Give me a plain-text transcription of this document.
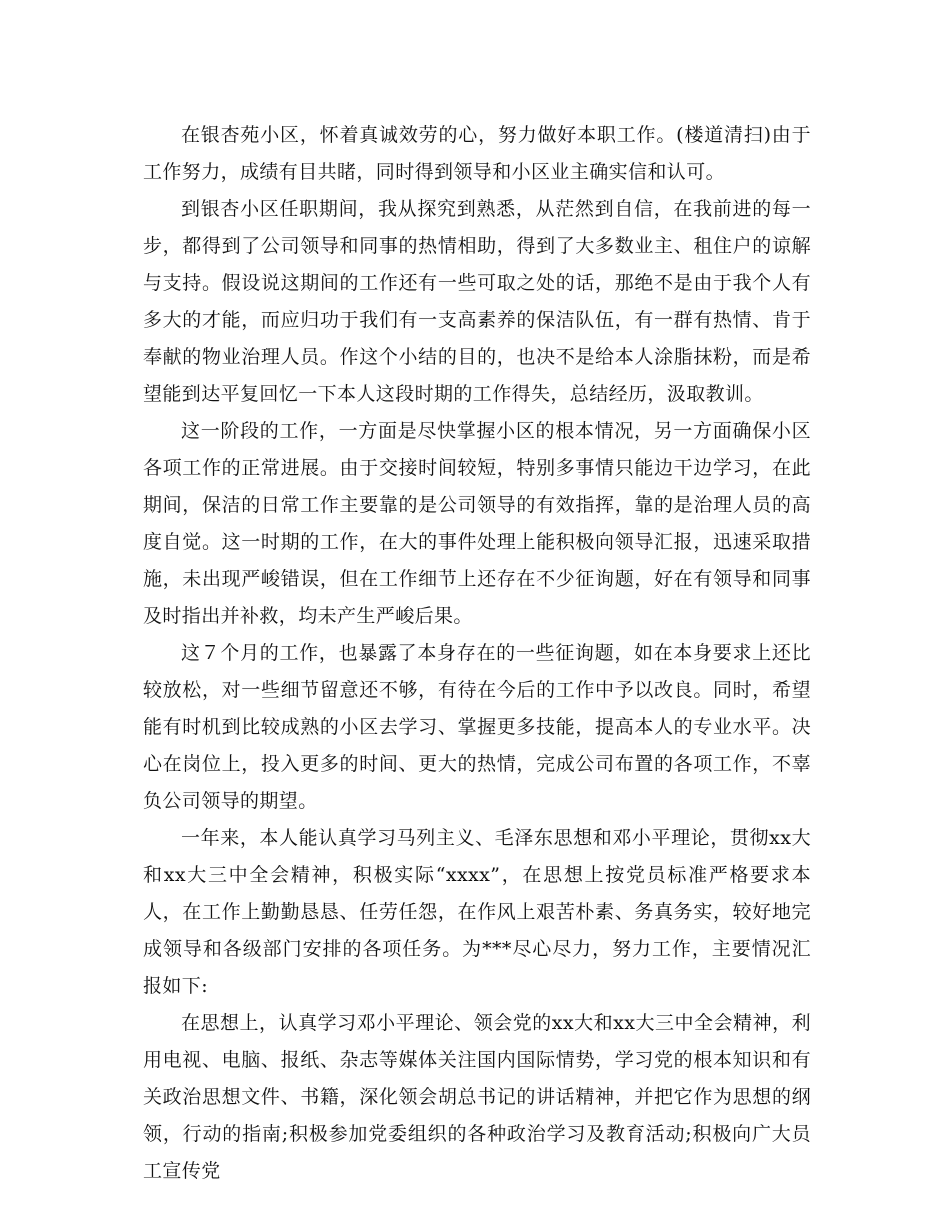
在银杏苑小区，怀着真诚效劳的心，努力做好本职工作。(楼道清扫)由于工作努力，成绩有目共睹，同时得到领导和小区业主确实信和认可。

到银杏小区任职期间，我从探究到熟悉，从茫然到自信，在我前进的每一步，都得到了公司领导和同事的热情相助，得到了大多数业主、租住户的谅解与支持。假设说这期间的工作还有一些可取之处的话，那绝不是由于我个人有多大的才能，而应归功于我们有一支高素养的保洁队伍，有一群有热情、肯于奉献的物业治理人员。作这个小结的目的，也决不是给本人涂脂抹粉，而是希望能到达平复回忆一下本人这段时期的工作得失，总结经历，汲取教训。

这一阶段的工作，一方面是尽快掌握小区的根本情况，另一方面确保小区各项工作的正常进展。由于交接时间较短，特别多事情只能边干边学习，在此期间，保洁的日常工作主要靠的是公司领导的有效指挥，靠的是治理人员的高度自觉。这一时期的工作，在大的事件处理上能积极向领导汇报，迅速采取措施，未出现严峻错误，但在工作细节上还存在不少征询题，好在有领导和同事及时指出并补救，均未产生严峻后果。

这７个月的工作，也暴露了本身存在的一些征询题，如在本身要求上还比较放松，对一些细节留意还不够，有待在今后的工作中予以改良。同时，希望能有时机到比较成熟的小区去学习、掌握更多技能，提高本人的专业水平。决心在岗位上，投入更多的时间、更大的热情，完成公司布置的各项工作，不辜负公司领导的期望。

一年来，本人能认真学习马列主义、毛泽东思想和邓小平理论，贯彻xx大和xx大三中全会精神，积极实际“xxxx”，在思想上按党员标准严格要求本人，在工作上勤勤恳恳、任劳任怨，在作风上艰苦朴素、务真务实，较好地完成领导和各级部门安排的各项任务。为***尽心尽力，努力工作，主要情况汇报如下:

在思想上，认真学习邓小平理论、领会党的xx大和xx大三中全会精神，利用电视、电脑、报纸、杂志等媒体关注国内国际情势，学习党的根本知识和有关政治思想文件、书籍，深化领会胡总书记的讲话精神，并把它作为思想的纲领，行动的指南;积极参加党委组织的各种政治学习及教育活动;积极向广大员工宣传党
